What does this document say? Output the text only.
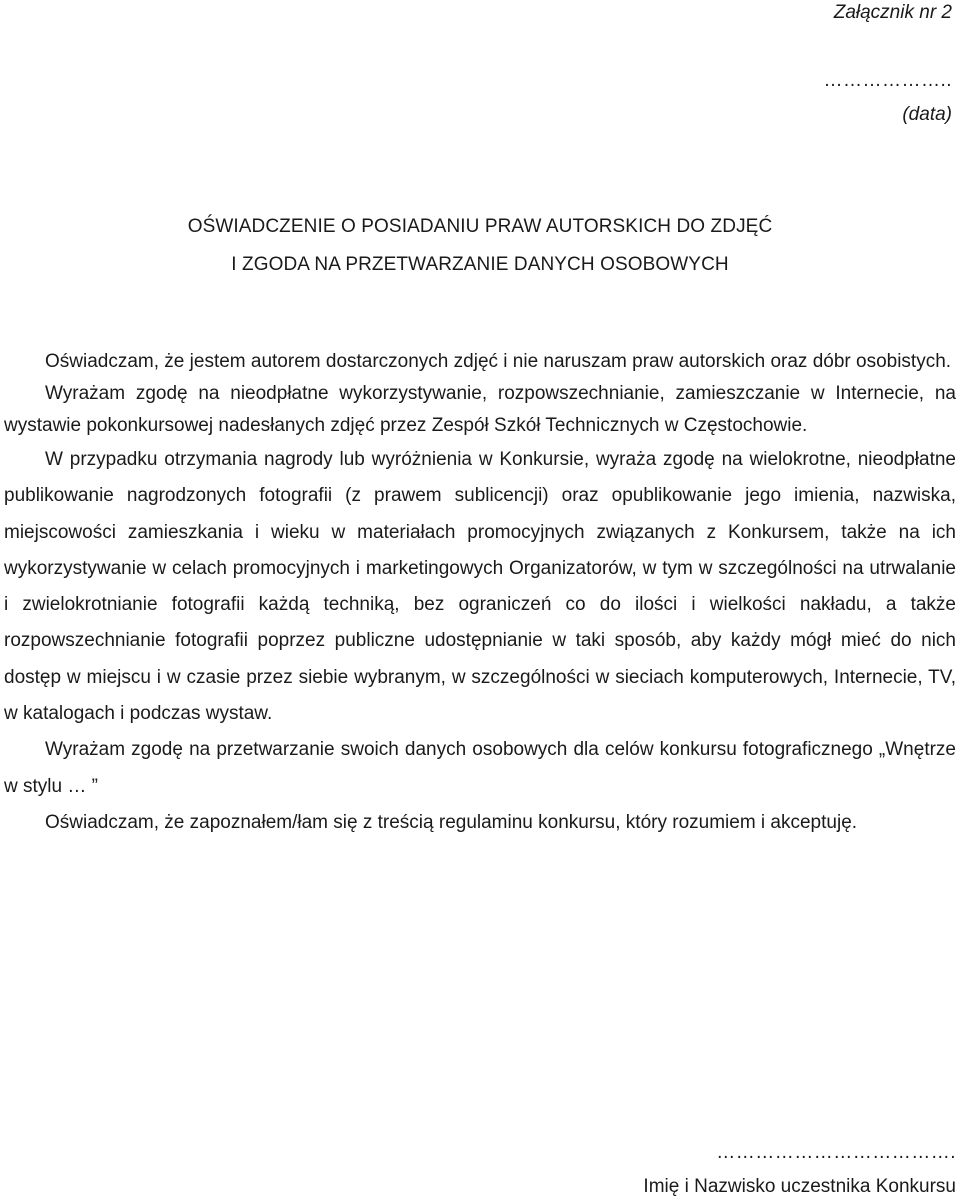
Załącznik nr 2
………………..
(data)
OŚWIADCZENIE O POSIADANIU PRAW AUTORSKICH DO ZDJĘĆ
I ZGODA NA PRZETWARZANIE DANYCH OSOBOWYCH

Oświadczam, że jestem autorem dostarczonych zdjęć i nie naruszam praw autorskich oraz dóbr osobistych.

Wyrażam zgodę na nieodpłatne wykorzystywanie, rozpowszechnianie, zamieszczanie w Internecie, na wystawie pokonkursowej nadesłanych zdjęć przez Zespół Szkół Technicznych w Częstochowie.

W przypadku otrzymania nagrody lub wyróżnienia w Konkursie, wyraża zgodę na wielokrotne, nieodpłatne publikowanie nagrodzonych fotografii (z prawem sublicencji) oraz opublikowanie jego imienia, nazwiska, miejscowości zamieszkania i wieku w materiałach promocyjnych związanych z Konkursem, także na ich wykorzystywanie w celach promocyjnych i marketingowych Organizatorów, w tym w szczególności na utrwalanie i zwielokrotnianie fotografii każdą techniką, bez ograniczeń co do ilości i wielkości nakładu, a także rozpowszechnianie fotografii poprzez publiczne udostępnianie w taki sposób, aby każdy mógł mieć do nich dostęp w miejscu i w czasie przez siebie wybranym, w szczególności w sieciach komputerowych, Internecie, TV, w katalogach i podczas wystaw.

Wyrażam zgodę na przetwarzanie swoich danych osobowych dla celów konkursu fotograficznego „Wnętrze w stylu … ”

Oświadczam, że zapoznałem/łam się z treścią regulaminu konkursu, który rozumiem i akceptuję.

……………………………….
Imię i Nazwisko uczestnika Konkursu
